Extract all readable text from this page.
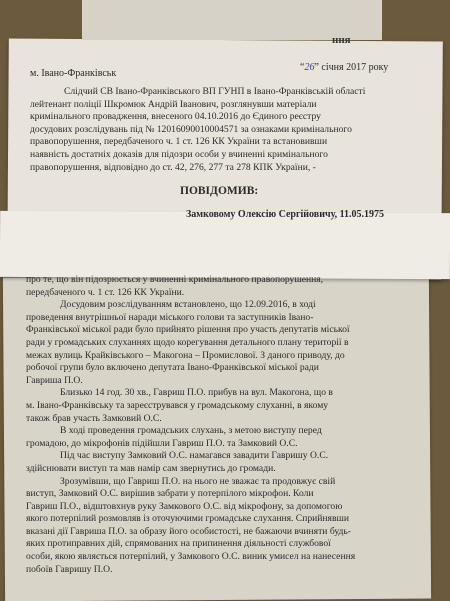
ння
м. Івано-Франківськ
“26” січня 2017 року
Слідчий СВ Івано-Франківського ВП ГУНП в Івано-Франківській області
лейтенант поліції Шкромюк Андрій Іванович, розглянувши матеріали
кримінального провадження, внесеного 04.10.2016 до Єдиного реєстру
досудових розслідувань під № 12016090010004571 за ознаками кримінального
правопорушення, передбаченого ч. 1 ст. 126 КК України та встановивши
наявність достатніх доказів для підозри особи у вчиненні кримінального
правопорушення, відповідно до ст. 42, 276, 277 та 278 КПК України, -
ПОВІДОМИВ:
Замковому Олексію Сергійовичу, 11.05.1975
про те, що він підозрюється у вчиненні кримінального правопорушення,
передбаченого ч. 1 ст. 126 КК України.
Досудовим розслідуванням встановлено, що 12.09.2016, в ході
проведення внутрішньої наради міського голови та заступників Івано-
Франківської міської ради було прийнято рішення про участь депутатів міської
ради у громадських слуханнях щодо корегування детального плану території в
межах вулиць Крайківського – Макогона – Промислової. З даного приводу, до
робочої групи було включено депутата Івано-Франківської міської ради
Гавриша П.О.
Близько 14 год. 30 хв., Гавриш П.О. прибув на вул. Макогона, що в
м. Івано-Франківську та зареєструвався у громадському слуханні, в якому
також брав участь Замковий О.С.
В ході проведення громадських слухань, з метою виступу перед
громадою, до мікрофонів підійшли Гавриш П.О. та Замковий О.С.
Під час виступу Замковий О.С. намагався завадити Гавришу О.С.
здійснювати виступ та мав намір сам звернутись до громади.
Зрозумівши, що Гавриш П.О. на нього не зважає та продовжує свій
виступ, Замковий О.С. вирішив забрати у потерпілого мікрофон. Коли
Гавриш П.О., відштовхнув руку Замкового О.С. від мікрофону, за допомогою
якого потерпілий розмовляв із оточуючими громадське слухання. Сприйнявши
вказані дії Гавриша П.О. за образу його особистості, не бажаючи вчиняти будь-
яких протиправних дій, спрямованих на припинення діяльності службової
особи, якою являється потерпілий, у Замкового О.С. виник умисел на нанесення
побоїв Гавришу П.О.
